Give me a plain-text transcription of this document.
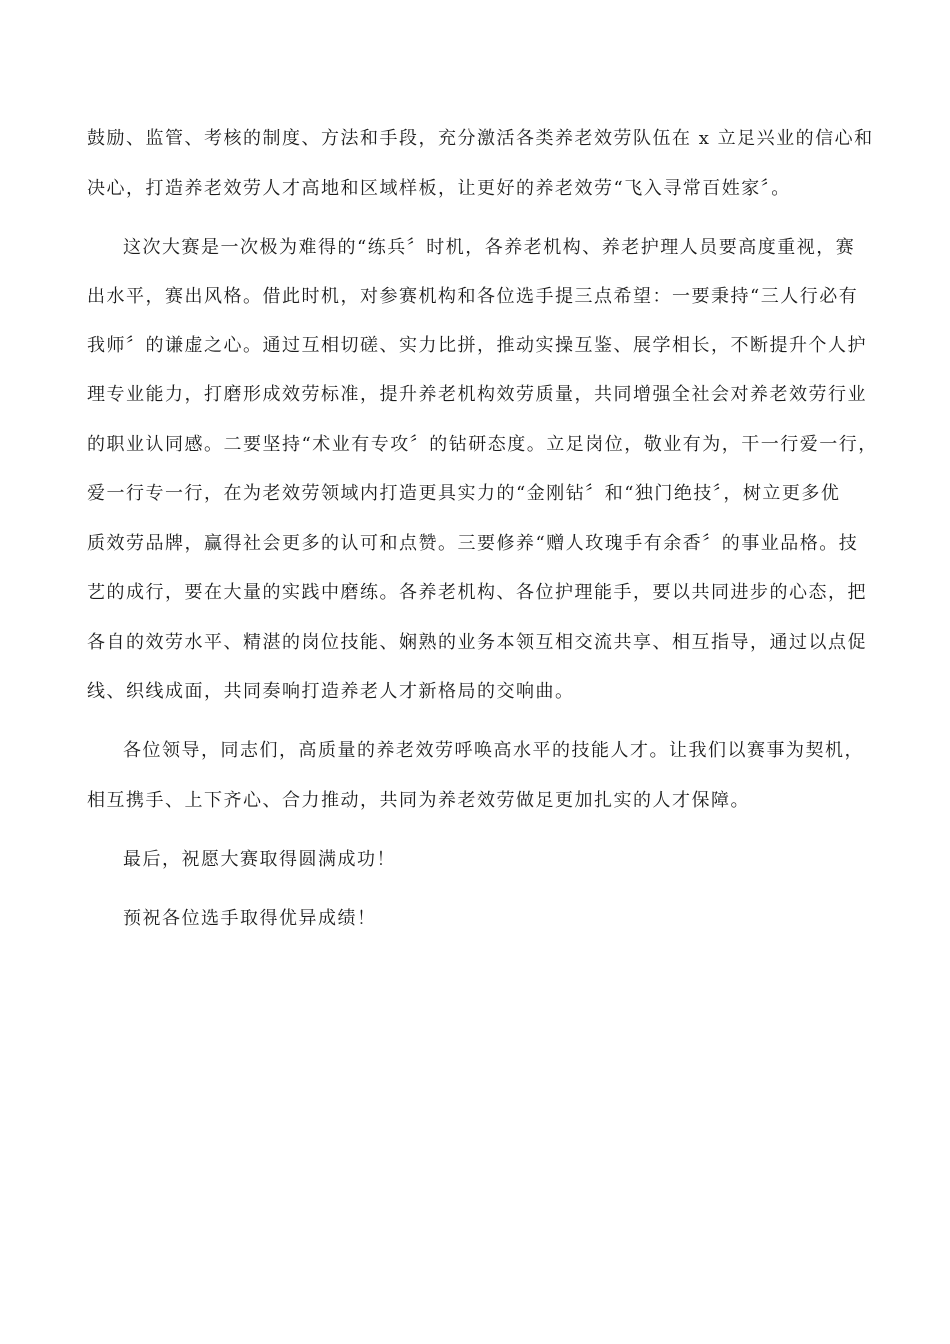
鼓励、监管、考核的制度、方法和手段，充分激活各类养老效劳队伍在 x 立足兴业的信心和
决心，打造养老效劳人才高地和区域样板，让更好的养老效劳“飞入寻常百姓家〞。
这次大赛是一次极为难得的“练兵〞时机，各养老机构、养老护理人员要高度重视，赛
出水平，赛出风格。借此时机，对参赛机构和各位选手提三点希望：一要秉持“三人行必有
我师〞的谦虚之心。通过互相切磋、实力比拼，推动实操互鉴、展学相长，不断提升个人护
理专业能力，打磨形成效劳标准，提升养老机构效劳质量，共同增强全社会对养老效劳行业
的职业认同感。二要坚持“术业有专攻〞的钻研态度。立足岗位，敬业有为，干一行爱一行，
爱一行专一行，在为老效劳领域内打造更具实力的“金刚钻〞和“独门绝技〞，树立更多优
质效劳品牌，赢得社会更多的认可和点赞。三要修养“赠人玫瑰手有余香〞的事业品格。技
艺的成行，要在大量的实践中磨练。各养老机构、各位护理能手，要以共同进步的心态，把
各自的效劳水平、精湛的岗位技能、娴熟的业务本领互相交流共享、相互指导，通过以点促
线、织线成面，共同奏响打造养老人才新格局的交响曲。
各位领导，同志们，高质量的养老效劳呼唤高水平的技能人才。让我们以赛事为契机，
相互携手、上下齐心、合力推动，共同为养老效劳做足更加扎实的人才保障。
最后，祝愿大赛取得圆满成功！
预祝各位选手取得优异成绩！
